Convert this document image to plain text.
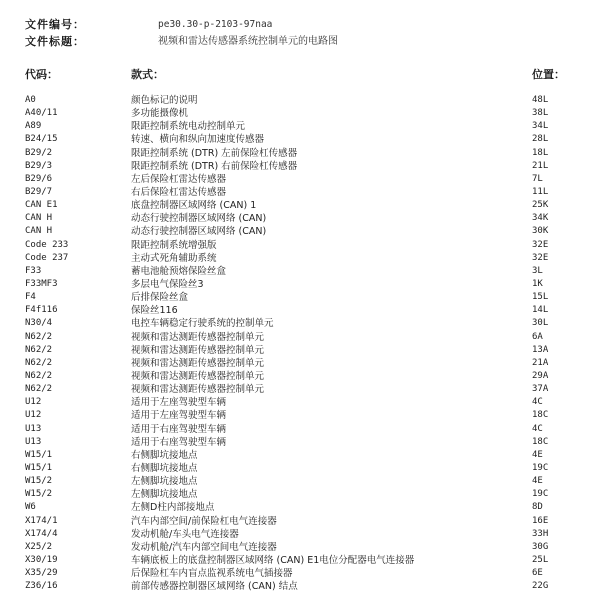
文件编号：	pe30.30-p-2103-97naa
文件标题：	视频和雷达传感器系统控制单元的电路图
代码：	款式：	位置：
A0	颜色标记的说明	48L
A40/11	多功能摄像机	38L
A89	限距控制系统电动控制单元	34L
B24/15	转速、横向和纵向加速度传感器	28L
B29/2	限距控制系统 (DTR) 左前保险杠传感器	18L
B29/3	限距控制系统 (DTR) 右前保险杠传感器	21L
B29/6	左后保险杠雷达传感器	7L
B29/7	右后保险杠雷达传感器	11L
CAN E1	底盘控制器区域网络 (CAN) 1	25K
CAN H	动态行驶控制器区域网络 (CAN)	34K
CAN H	动态行驶控制器区域网络 (CAN)	30K
Code 233	限距控制系统增强版	32E
Code 237	主动式死角辅助系统	32E
F33	蓄电池舱预熔保险丝盒	3L
F33MF3	多层电气保险丝3	1K
F4	后排保险丝盒	15L
F4f116	保险丝116	14L
N30/4	电控车辆稳定行驶系统的控制单元	30L
N62/2	视频和雷达测距传感器控制单元	6A
N62/2	视频和雷达测距传感器控制单元	13A
N62/2	视频和雷达测距传感器控制单元	21A
N62/2	视频和雷达测距传感器控制单元	29A
N62/2	视频和雷达测距传感器控制单元	37A
U12	适用于左座驾驶型车辆	4C
U12	适用于左座驾驶型车辆	18C
U13	适用于右座驾驶型车辆	4C
U13	适用于右座驾驶型车辆	18C
W15/1	右侧脚坑接地点	4E
W15/1	右侧脚坑接地点	19C
W15/2	左侧脚坑接地点	4E
W15/2	左侧脚坑接地点	19C
W6	左侧D柱内部接地点	8D
X174/1	汽车内部空间/前保险杠电气连接器	16E
X174/4	发动机舱/车头电气连接器	33H
X25/2	发动机舱/汽车内部空间电气连接器	30G
X30/19	车辆底板上的底盘控制器区域网络 (CAN) E1电位分配器电气连接器	25L
X35/29	后保险杠车内盲点监视系统电气插接器	6E
Z36/16	前部传感器控制器区域网络 (CAN) 结点	22G
